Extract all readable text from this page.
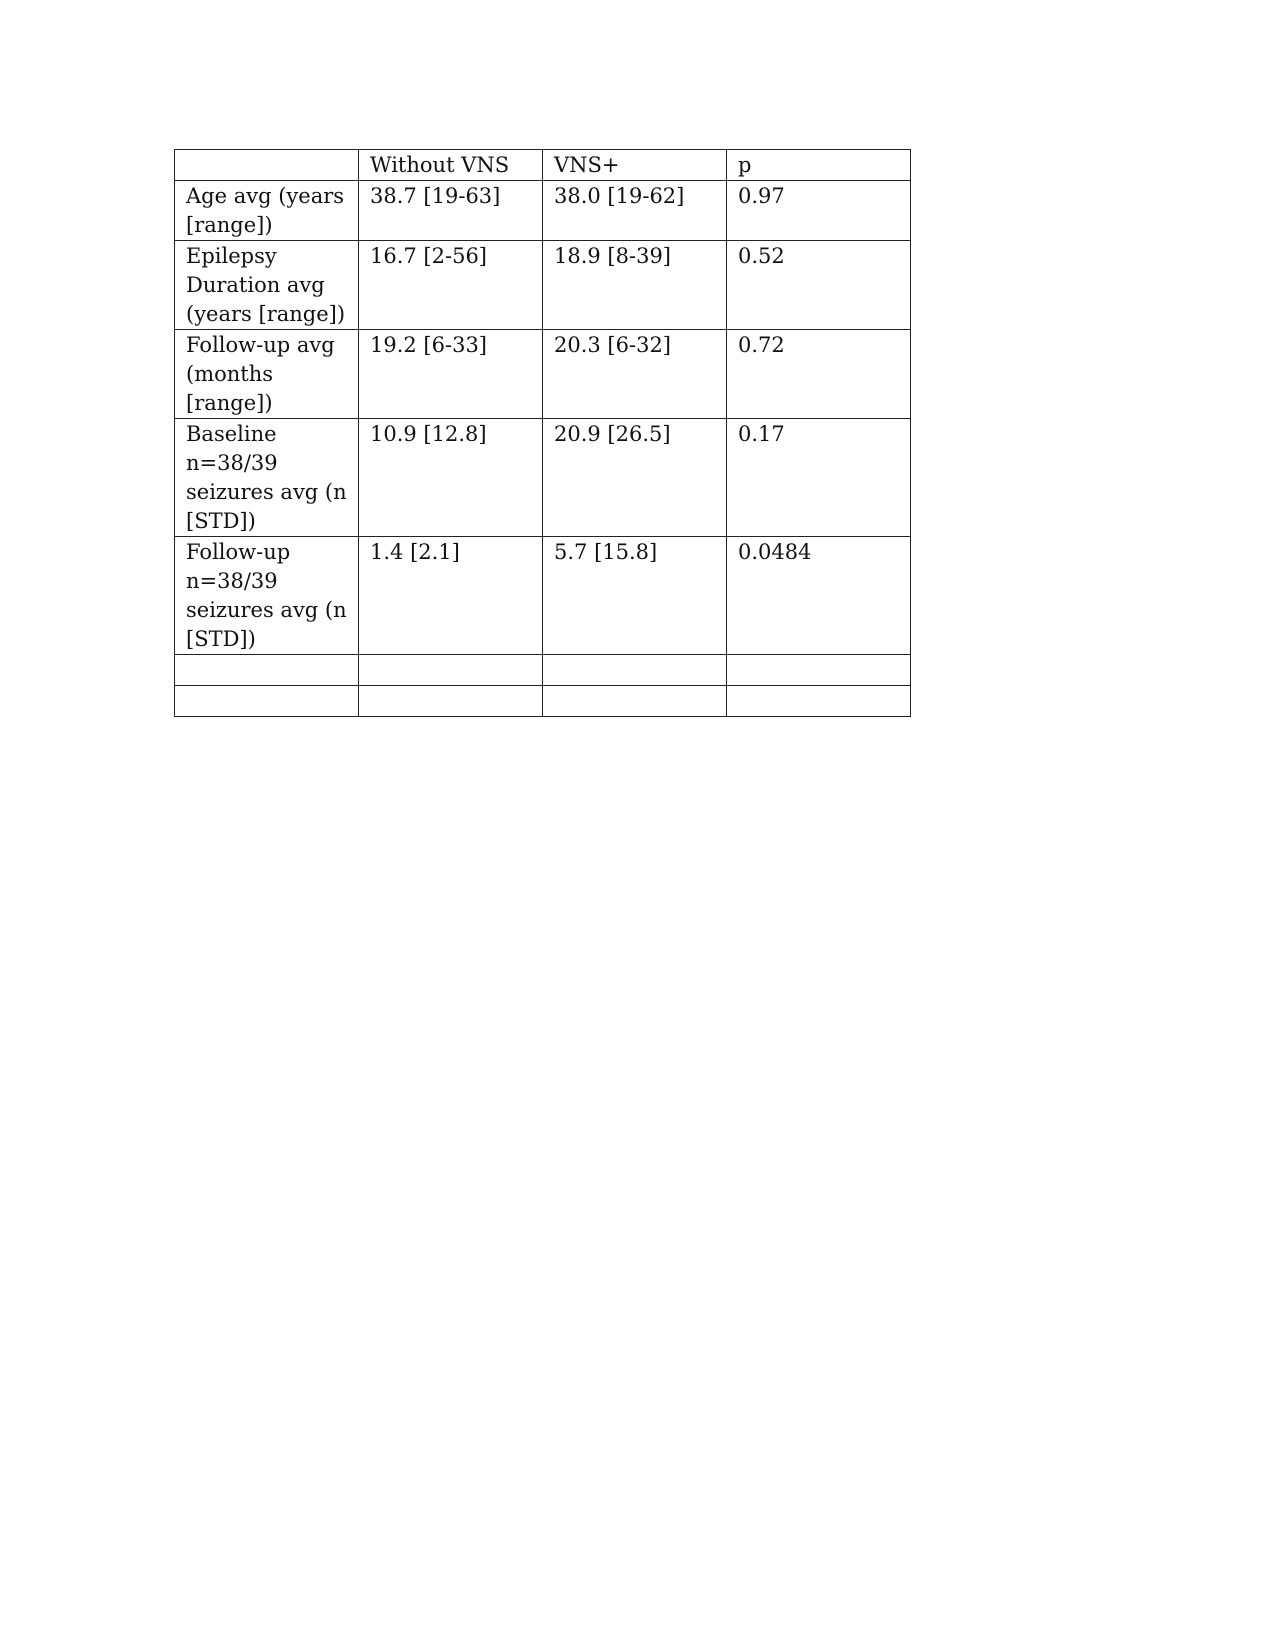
	Without VNS	VNS+	p
Age avg (years
[range])	38.7 [19-63]	38.0 [19-62]	0.97
Epilepsy
Duration avg
(years [range])	16.7 [2-56]	18.9 [8-39]	0.52
Follow-up avg
(months
[range])	19.2 [6-33]	20.3 [6-32]	0.72
Baseline
n=38/39
seizures avg (n
[STD])	10.9 [12.8]	20.9 [26.5]	0.17
Follow-up
n=38/39
seizures avg (n
[STD])	1.4 [2.1]	5.7 [15.8]	0.0484
